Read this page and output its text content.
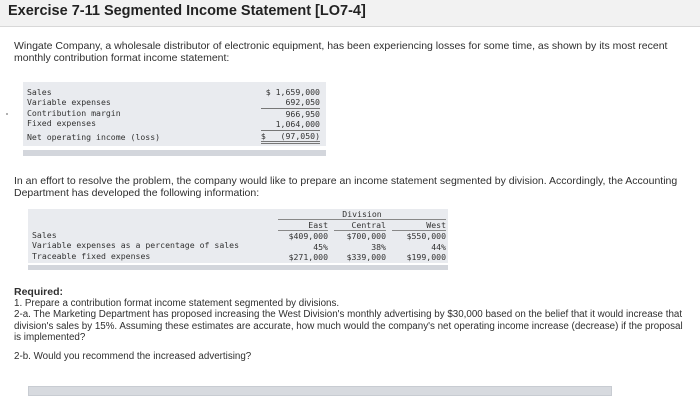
Exercise 7-11 Segmented Income Statement [LO7-4]
Wingate Company, a wholesale distributor of electronic equipment, has been experiencing losses for some time, as shown by its most recent monthly contribution format income statement:
Sales
Variable expenses
Contribution margin
Fixed expenses
Net operating income (loss)
$ 1,659,000
692,050
966,950
1,064,000
$   (97,050)
In an effort to resolve the problem, the company would like to prepare an income statement segmented by division. Accordingly, the Accounting Department has developed the following information:
Division
East
$409,000
45%
$271,000
Central
$700,000
38%
$339,000
West
$550,000
44%
$199,000
Sales
Variable expenses as a percentage of sales
Traceable fixed expenses
Required:
1. Prepare a contribution format income statement segmented by divisions.
2-a. The Marketing Department has proposed increasing the West Division's monthly advertising by $30,000 based on the belief that it would increase that division's sales by 15%. Assuming these estimates are accurate, how much would the company's net operating income increase (decrease) if the proposal is implemented?
2-b. Would you recommend the increased advertising?
